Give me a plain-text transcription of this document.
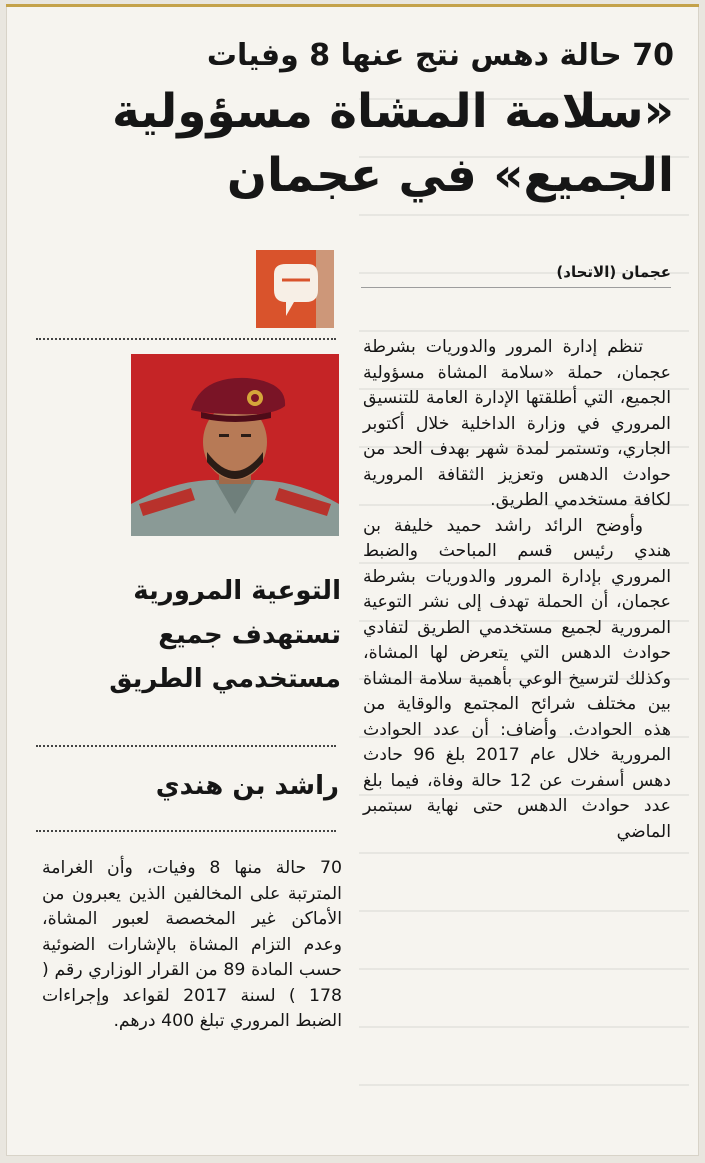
70 حالة دهس نتج عنها 8 وفيات

«سلامة المشاة مسؤولية

الجميع» في عجمان

عجمان (الاتحاد)

التوعية المرورية

تستهدف جميع

مستخدمي الطريق

راشد بن هندي

تنظم إدارة المرور والدوريات بشرطة عجمان، حملة «سلامة المشاة مسؤولية الجميع، التي أطلقتها الإدارة العامة للتنسيق المروري في وزارة الداخلية خلال أكتوبر الجاري، وتستمر لمدة شهر بهدف الحد من حوادث الدهس وتعزيز الثقافة المرورية لكافة مستخدمي الطريق.

وأوضح الرائد راشد حميد خليفة بن هندي رئيس قسم المباحث والضبط المروري بإدارة المرور والدوريات بشرطة عجمان، أن الحملة تهدف إلى نشر التوعية المرورية لجميع مستخدمي الطريق لتفادي حوادث الدهس التي يتعرض لها المشاة، وكذلك لترسيخ الوعي بأهمية سلامة المشاة بين مختلف شرائح المجتمع والوقاية من هذه الحوادث. وأضاف: أن عدد الحوادث المرورية خلال عام 2017 بلغ 96 حادث دهس أسفرت عن 12 حالة وفاة، فيما بلغ عدد حوادث الدهس حتى نهاية سبتمبر الماضي

70 حالة منها 8 وفيات، وأن الغرامة المترتبة على المخالفين الذين يعبرون من الأماكن غير المخصصة لعبور المشاة، وعدم التزام المشاة بالإشارات الضوئية حسب المادة 89 من القرار الوزاري رقم ( 178 ) لسنة 2017 لقواعد وإجراءات الضبط المروري تبلغ 400 درهم.
